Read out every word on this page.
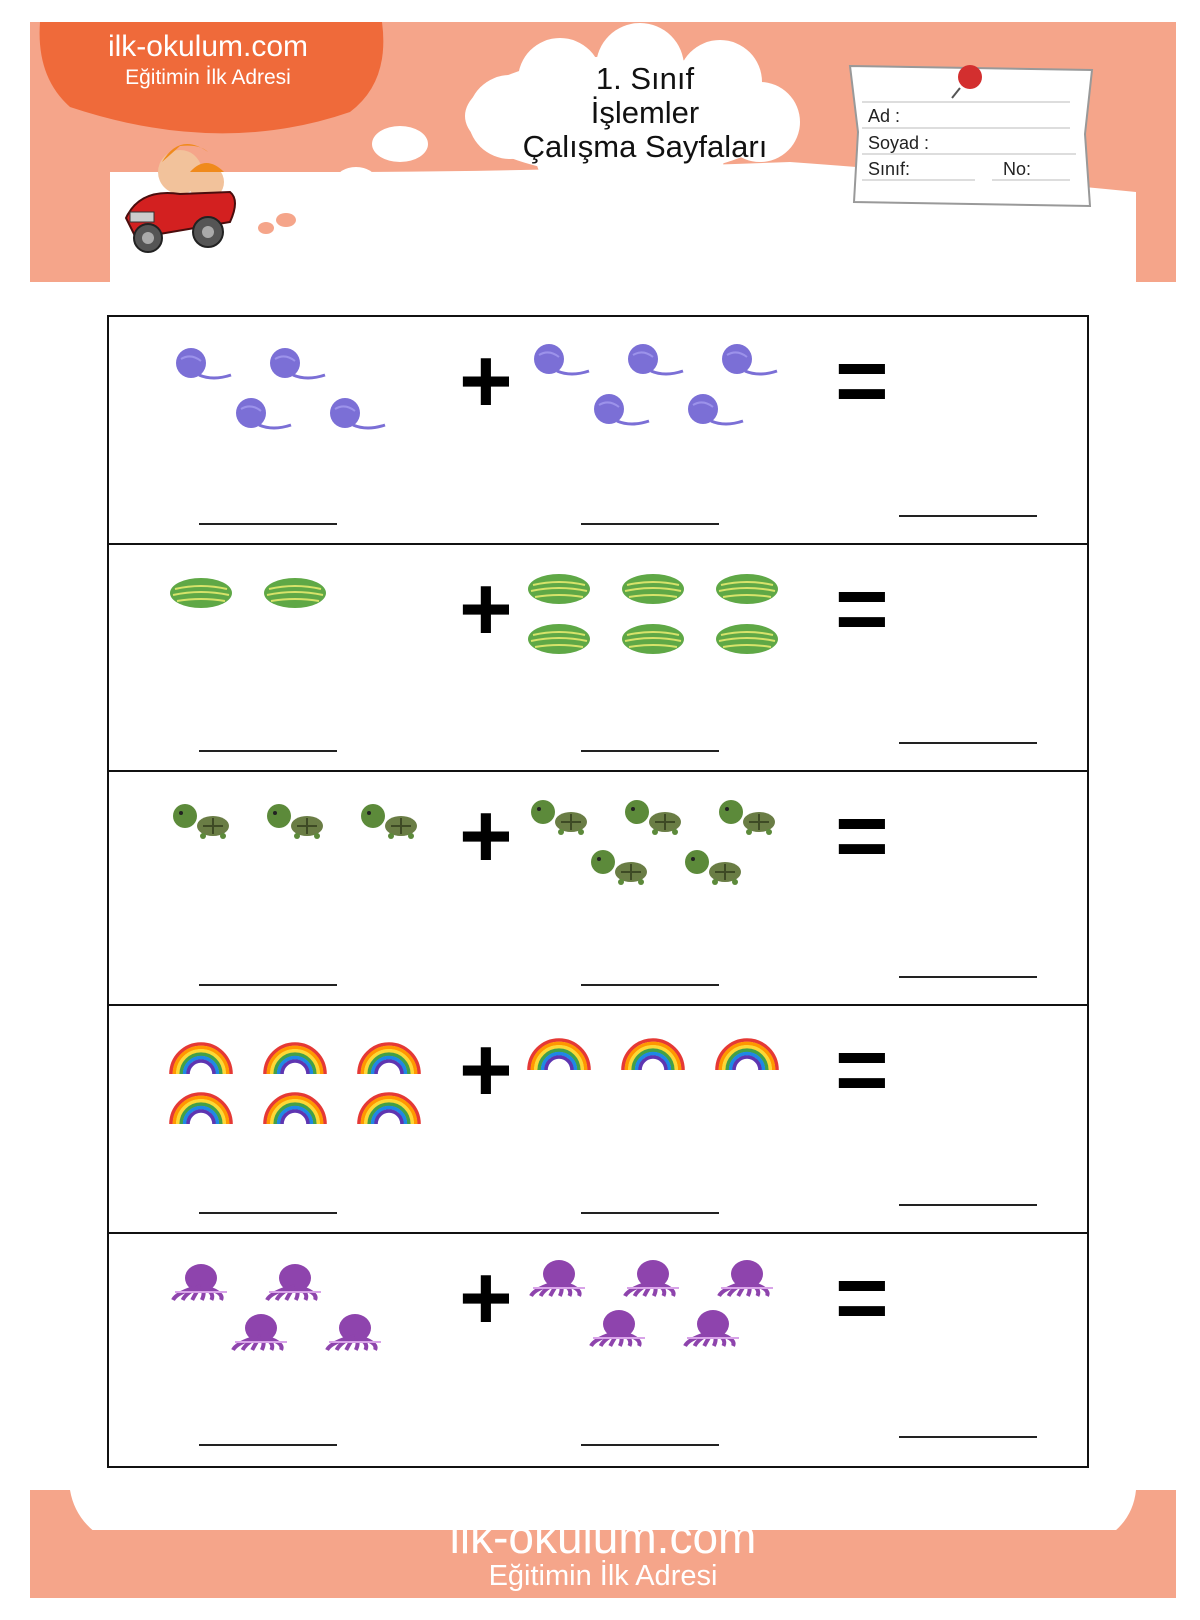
ilk-okulum.com
Eğitimin İlk Adresi	1. Sınıf
İşlemler
Çalışma Sayfaları
Ad :
Soyad :
Sınıf:	No:
+	=
+	=
+	=
+	=
+	=
ilk-okulum.com
Eğitimin İlk Adresi
